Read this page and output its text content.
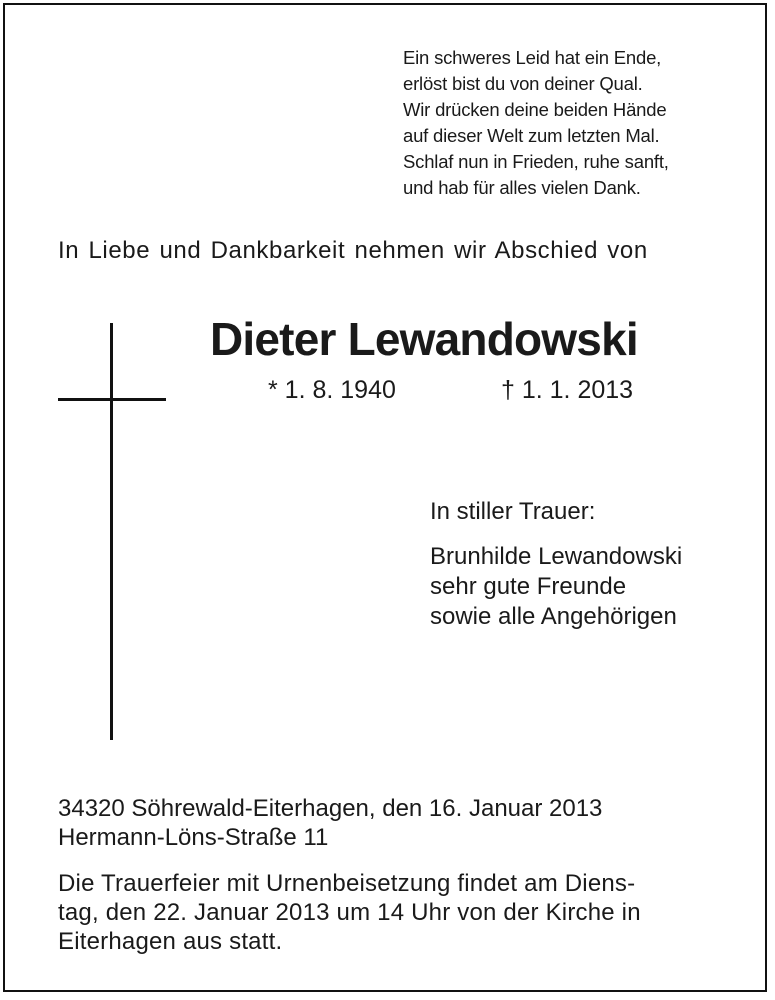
Ein schweres Leid hat ein Ende,
erlöst bist du von deiner Qual.
Wir drücken deine beiden Hände
auf dieser Welt zum letzten Mal.
Schlaf nun in Frieden, ruhe sanft,
und hab für alles vielen Dank.
In Liebe und Dankbarkeit nehmen wir Abschied von
Dieter Lewandowski
* 1. 8. 1940	† 1. 1. 2013
In stiller Trauer:
Brunhilde Lewandowski
sehr gute Freunde
sowie alle Angehörigen
34320 Söhrewald-Eiterhagen, den 16. Januar 2013
Hermann-Löns-Straße 11
Die Trauerfeier mit Urnenbeisetzung findet am Diens-
tag, den 22. Januar 2013 um 14 Uhr von der Kirche in
Eiterhagen aus statt.
